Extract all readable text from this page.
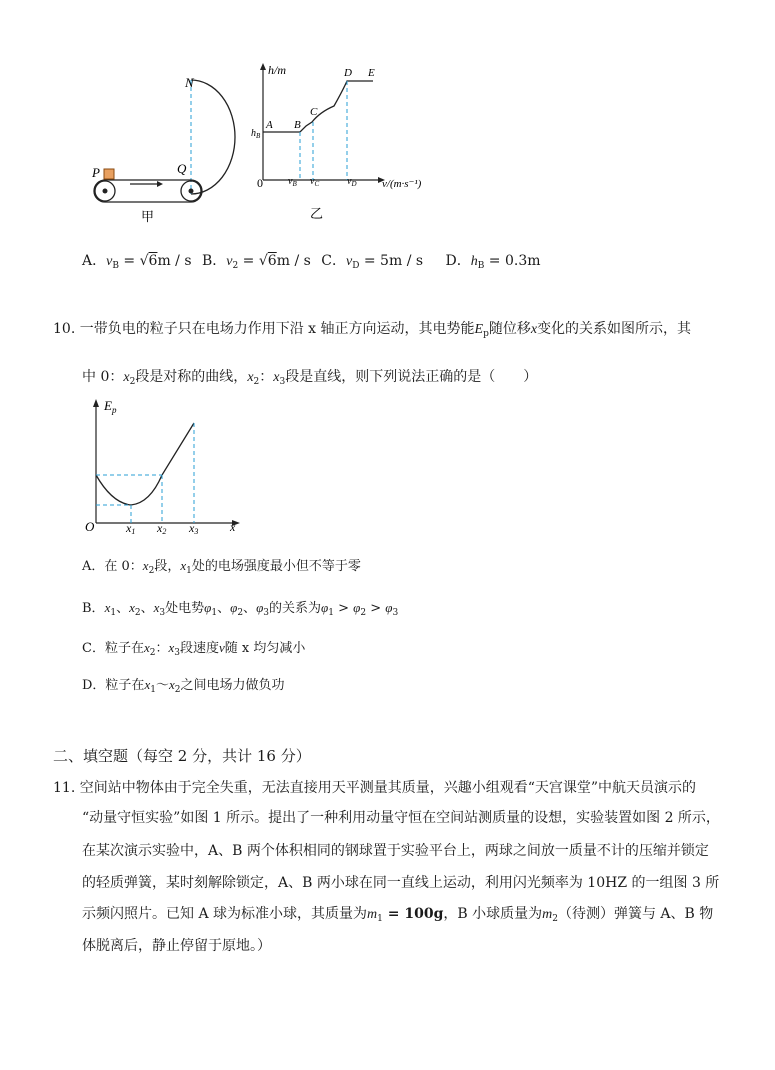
N
P	Q
甲
h/m
A B
C
D E
$h_B$
0	$v_B$ $v_C$	$v_D$ v/(m·s⁻¹)
乙
A．$v_B = √6m / s$ B．$v_2 = √6m / s$ C．$v_D = 5m / s$ D．$h_B = 0.3m$
10. 一带负电的粒子只在电场力作用下沿 x 轴正方向运动，其电势能$E_p$随位移x变化的关系如图所示，其
中 0：$x_2$段是对称的曲线，$x_2$：$x_3$段是直线，则下列说法正确的是（　　）
$E_p$
O	x1 x2 x3	x
A．在 0：$x_2$段，$x_1$处的电场强度最小但不等于零
B．$x_1$、$x_2$、$x_3$处电势$\varphi_1$、$\varphi_2$、$\varphi_3$的关系为$\varphi_1 > \varphi_2 > \varphi_3$
C．粒子在$x_2$：$x_3$段速度v随 x 均匀减小
D．粒子在$x_1\sim x_2$之间电场力做负功
二、填空题（每空 2 分，共计 16 分）
11. 空间站中物体由于完全失重，无法直接用天平测量其质量，兴趣小组观看“天宫课堂”中航天员演示的
“动量守恒实验”如图 1 所示。提出了一种利用动量守恒在空间站测质量的设想，实验装置如图 2 所示，
在某次演示实验中，A、B 两个体积相同的钢球置于实验平台上，两球之间放一质量不计的压缩并锁定
的轻质弹簧，某时刻解除锁定，A、B 两小球在同一直线上运动，利用闪光频率为 10HZ 的一组图 3 所
示频闪照片。已知 A 球为标准小球，其质量为$m_1 = 100g$，B 小球质量为$m_2$（待测）弹簧与 A、B 物
体脱离后，静止停留于原地。）
